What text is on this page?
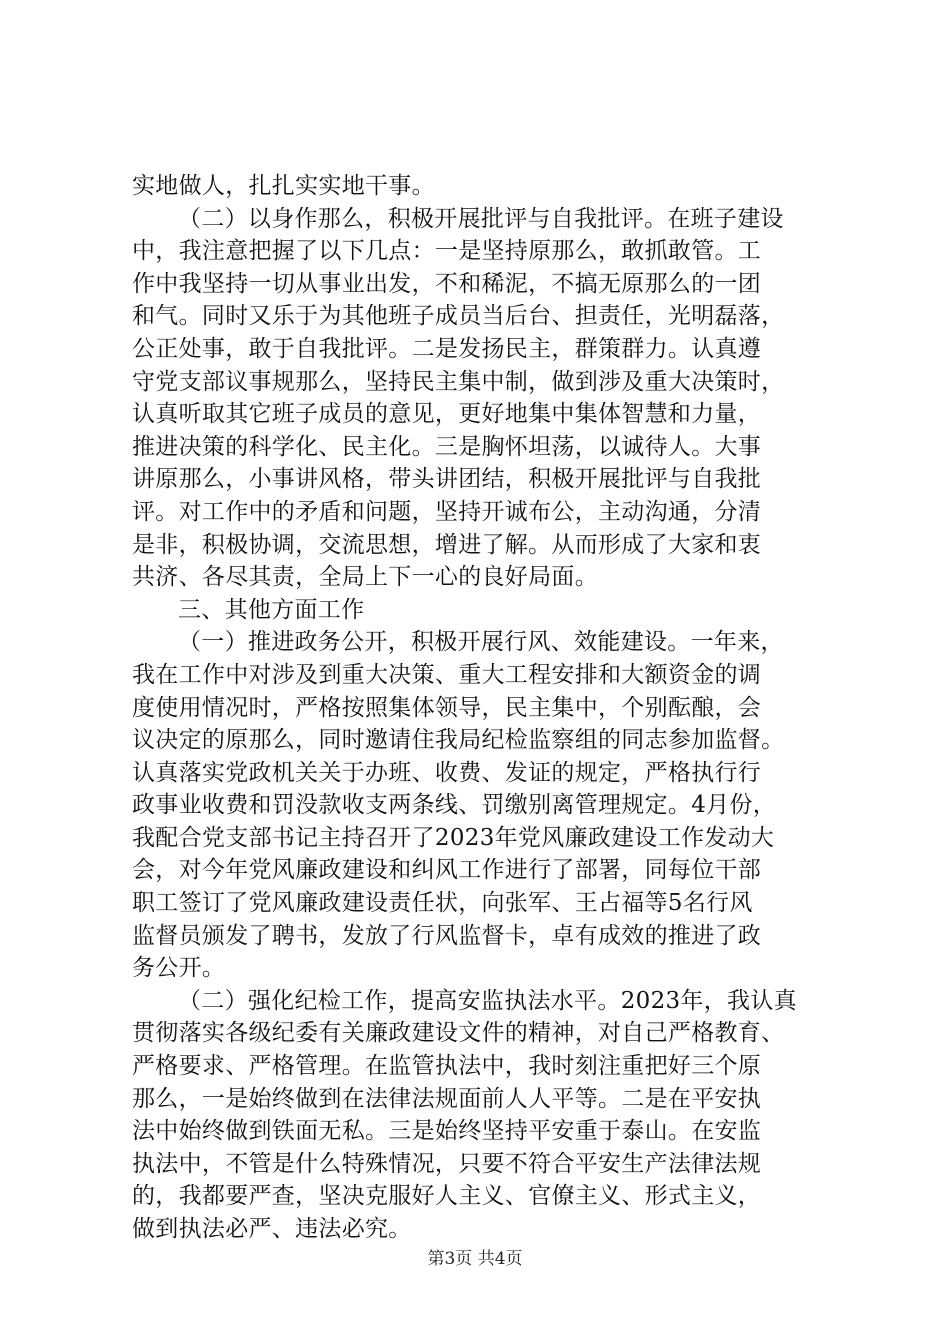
实地做人，扎扎实实地干事。
（二）以身作那么，积极开展批评与自我批评。在班子建设
中，我注意把握了以下几点：一是坚持原那么，敢抓敢管。工
作中我坚持一切从事业出发，不和稀泥，不搞无原那么的一团
和气。同时又乐于为其他班子成员当后台、担责任，光明磊落，
公正处事，敢于自我批评。二是发扬民主，群策群力。认真遵
守党支部议事规那么，坚持民主集中制，做到涉及重大决策时，
认真听取其它班子成员的意见，更好地集中集体智慧和力量，
推进决策的科学化、民主化。三是胸怀坦荡，以诚待人。大事
讲原那么，小事讲风格，带头讲团结，积极开展批评与自我批
评。对工作中的矛盾和问题，坚持开诚布公，主动沟通，分清
是非，积极协调，交流思想，增进了解。从而形成了大家和衷
共济、各尽其责，全局上下一心的良好局面。
三、其他方面工作
（一）推进政务公开，积极开展行风、效能建设。一年来，
我在工作中对涉及到重大决策、重大工程安排和大额资金的调
度使用情况时，严格按照集体领导，民主集中，个别酝酿，会
议决定的原那么，同时邀请住我局纪检监察组的同志参加监督。
认真落实党政机关关于办班、收费、发证的规定，严格执行行
政事业收费和罚没款收支两条线、罚缴别离管理规定。4月份，
我配合党支部书记主持召开了2023年党风廉政建设工作发动大
会，对今年党风廉政建设和纠风工作进行了部署，同每位干部
职工签订了党风廉政建设责任状，向张军、王占福等5名行风
监督员颁发了聘书，发放了行风监督卡，卓有成效的推进了政
务公开。
（二）强化纪检工作，提高安监执法水平。2023年，我认真
贯彻落实各级纪委有关廉政建设文件的精神，对自己严格教育、
严格要求、严格管理。在监管执法中，我时刻注重把好三个原
那么，一是始终做到在法律法规面前人人平等。二是在平安执
法中始终做到铁面无私。三是始终坚持平安重于泰山。在安监
执法中，不管是什么特殊情况，只要不符合平安生产法律法规
的，我都要严查，坚决克服好人主义、官僚主义、形式主义，
做到执法必严、违法必究。
第3页 共4页
